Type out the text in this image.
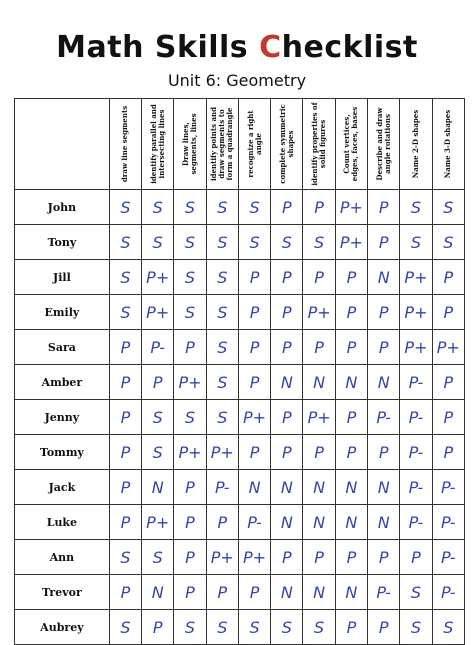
Math Skills Checklist
Unit 6: Geometry

	draw line segments	identify parallel and intersecting lines	Draw lines, segments, lines	identify points and draw segments to form a quadrangle	recognize a right angle	complete symmetric shapes	identify properties of solid figures	Count vertices, edges, faces, bases	Describe and draw angle rotations	Name 2-D shapes	Name 3-D shapes

John	S	S	S	S	S	P	P	P+	P	S	S
Tony	S	S	S	S	S	S	S	P+	P	S	S
Jill	S	P+	S	S	P	P	P	P	N	P+	P
Emily	S	P+	S	S	P	P	P+	P	P	P+	P
Sara	P	P-	P	S	P	P	P	P	P	P+	P+
Amber	P	P	P+	S	P	N	N	N	N	P-	P
Jenny	P	S	S	S	P+	P	P+	P	P-	P-	P
Tommy	P	S	P+	P+	P	P	P	P	P	P-	P
Jack	P	N	P	P-	N	N	N	N	N	P-	P-
Luke	P	P+	P	P	P-	N	N	N	N	P-	P-
Ann	S	S	P	P+	P+	P	P	P	P	P	P-
Trevor	P	N	P	P	P	N	N	N	P-	S	P-
Aubrey	S	P	S	S	S	S	S	P	P	S	S
